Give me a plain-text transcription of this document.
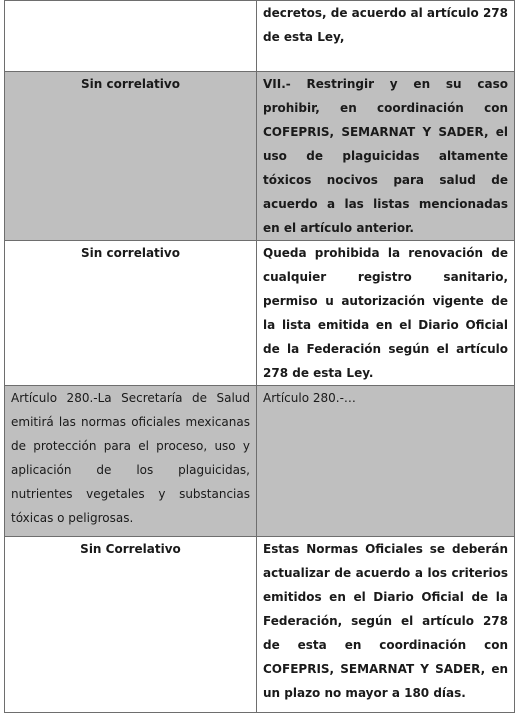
	decretos, de acuerdo al artículo 278 de esta Ley,
Sin correlativo	VII.- Restringir y en su caso prohibir, en coordinación con COFEPRIS, SEMARNAT Y SADER, el uso de plaguicidas altamente tóxicos nocivos para salud de acuerdo a las listas mencionadas en el artículo anterior.
Sin correlativo	Queda prohibida la renovación de cualquier registro sanitario, permiso u autorización vigente de la lista emitida en el Diario Oficial de la Federación según el artículo 278 de esta Ley.
Artículo 280.-La Secretaría de Salud emitirá las normas oficiales mexicanas de protección para el proceso, uso y aplicación de los plaguicidas, nutrientes vegetales y substancias tóxicas o peligrosas.	Artículo 280.-…
Sin Correlativo	Estas Normas Oficiales se deberán actualizar de acuerdo a los criterios emitidos en el Diario Oficial de la Federación, según el artículo 278 de esta en coordinación con COFEPRIS, SEMARNAT Y SADER, en un plazo no mayor a 180 días.
